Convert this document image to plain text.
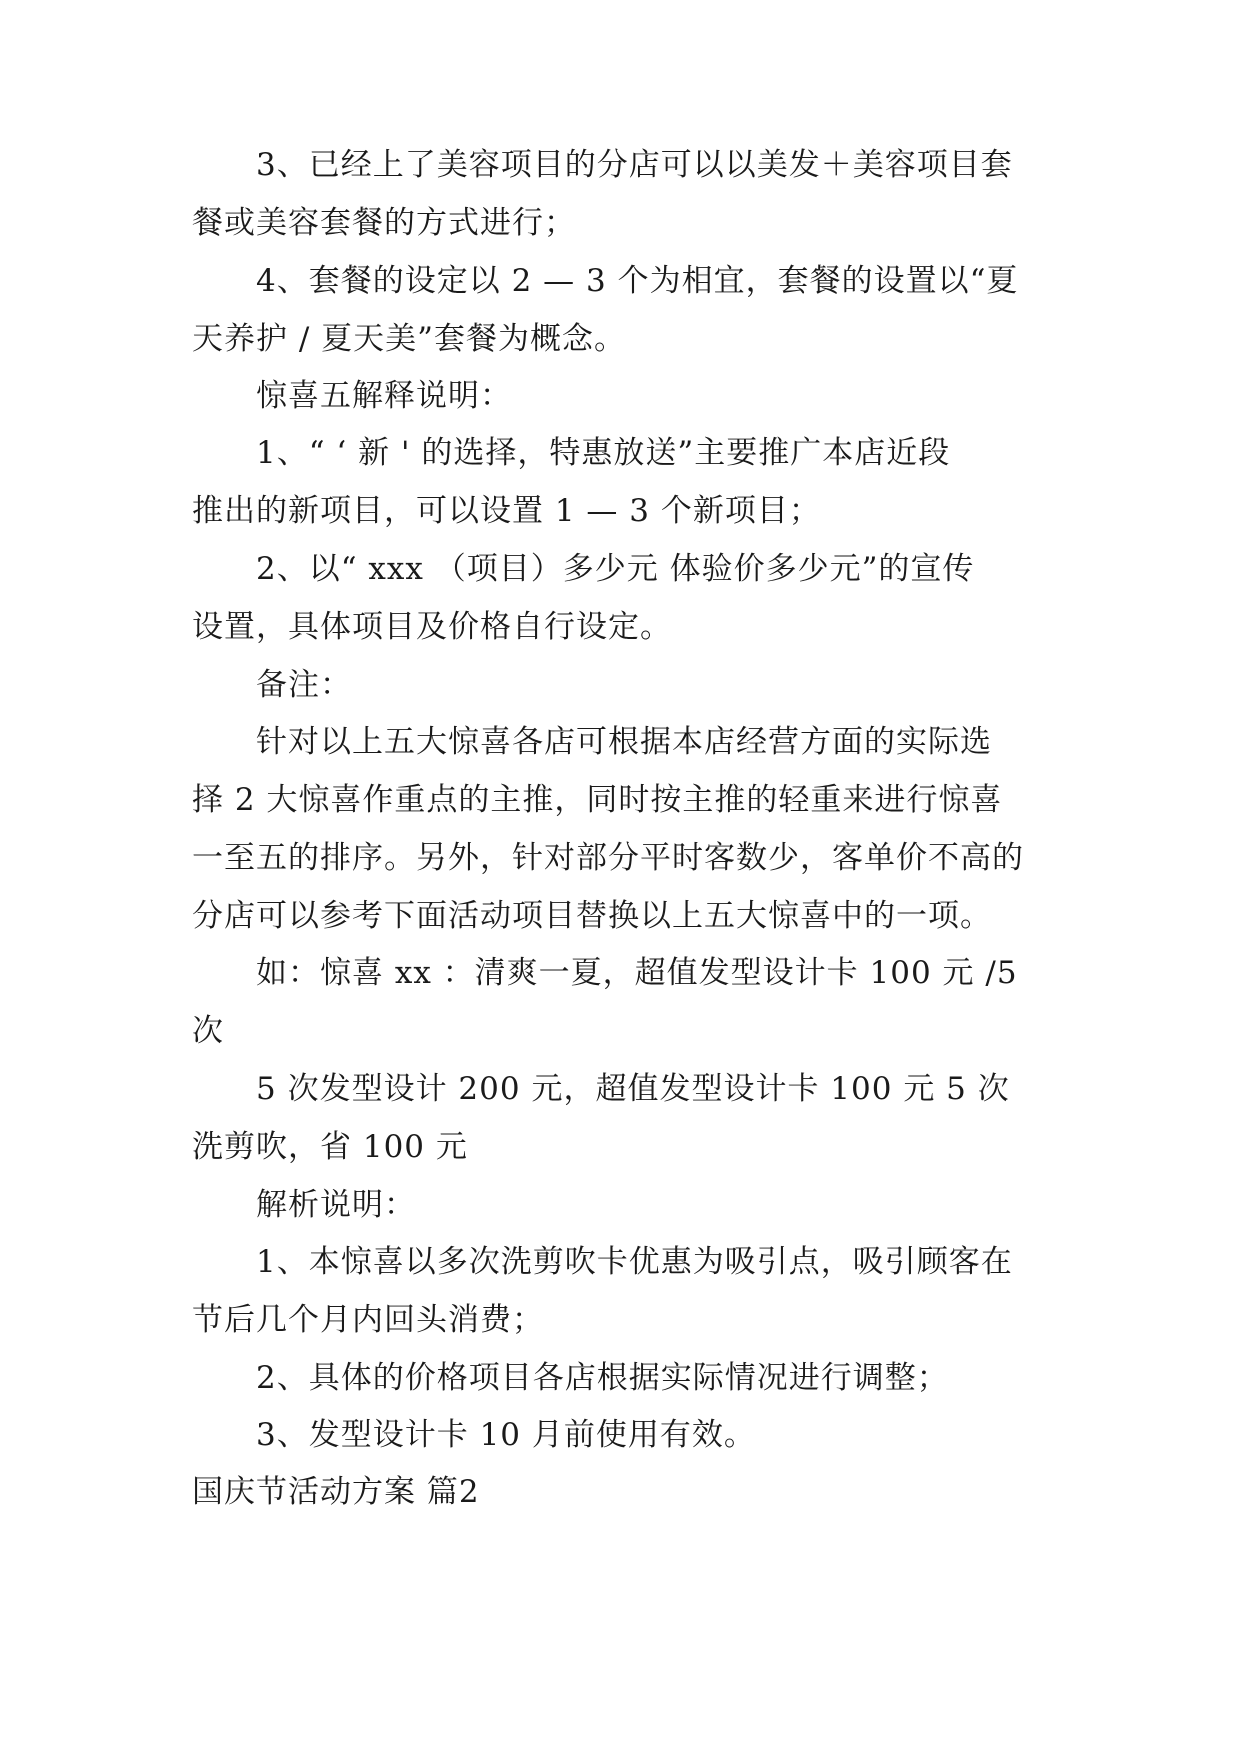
3、已经上了美容项目的分店可以以美发＋美容项目套
餐或美容套餐的方式进行；
4、套餐的设定以 2 — 3 个为相宜，套餐的设置以“夏
天养护 / 夏天美”套餐为概念。
惊喜五解释说明：
1、“ ‘ 新 ' 的选择，特惠放送”主要推广本店近段
推出的新项目，可以设置 1 — 3 个新项目；
2、以“ xxx （项目）多少元 体验价多少元”的宣传
设置，具体项目及价格自行设定。
备注：
针对以上五大惊喜各店可根据本店经营方面的实际选
择 2 大惊喜作重点的主推，同时按主推的轻重来进行惊喜
一至五的排序。另外，针对部分平时客数少，客单价不高的
分店可以参考下面活动项目替换以上五大惊喜中的一项。
如：惊喜 xx ：清爽一夏，超值发型设计卡 100 元 /5
次
5 次发型设计 200 元，超值发型设计卡 100 元 5 次
洗剪吹，省 100 元
解析说明：
1、本惊喜以多次洗剪吹卡优惠为吸引点，吸引顾客在
节后几个月内回头消费；
2、具体的价格项目各店根据实际情况进行调整；
3、发型设计卡 10 月前使用有效。
国庆节活动方案 篇2
